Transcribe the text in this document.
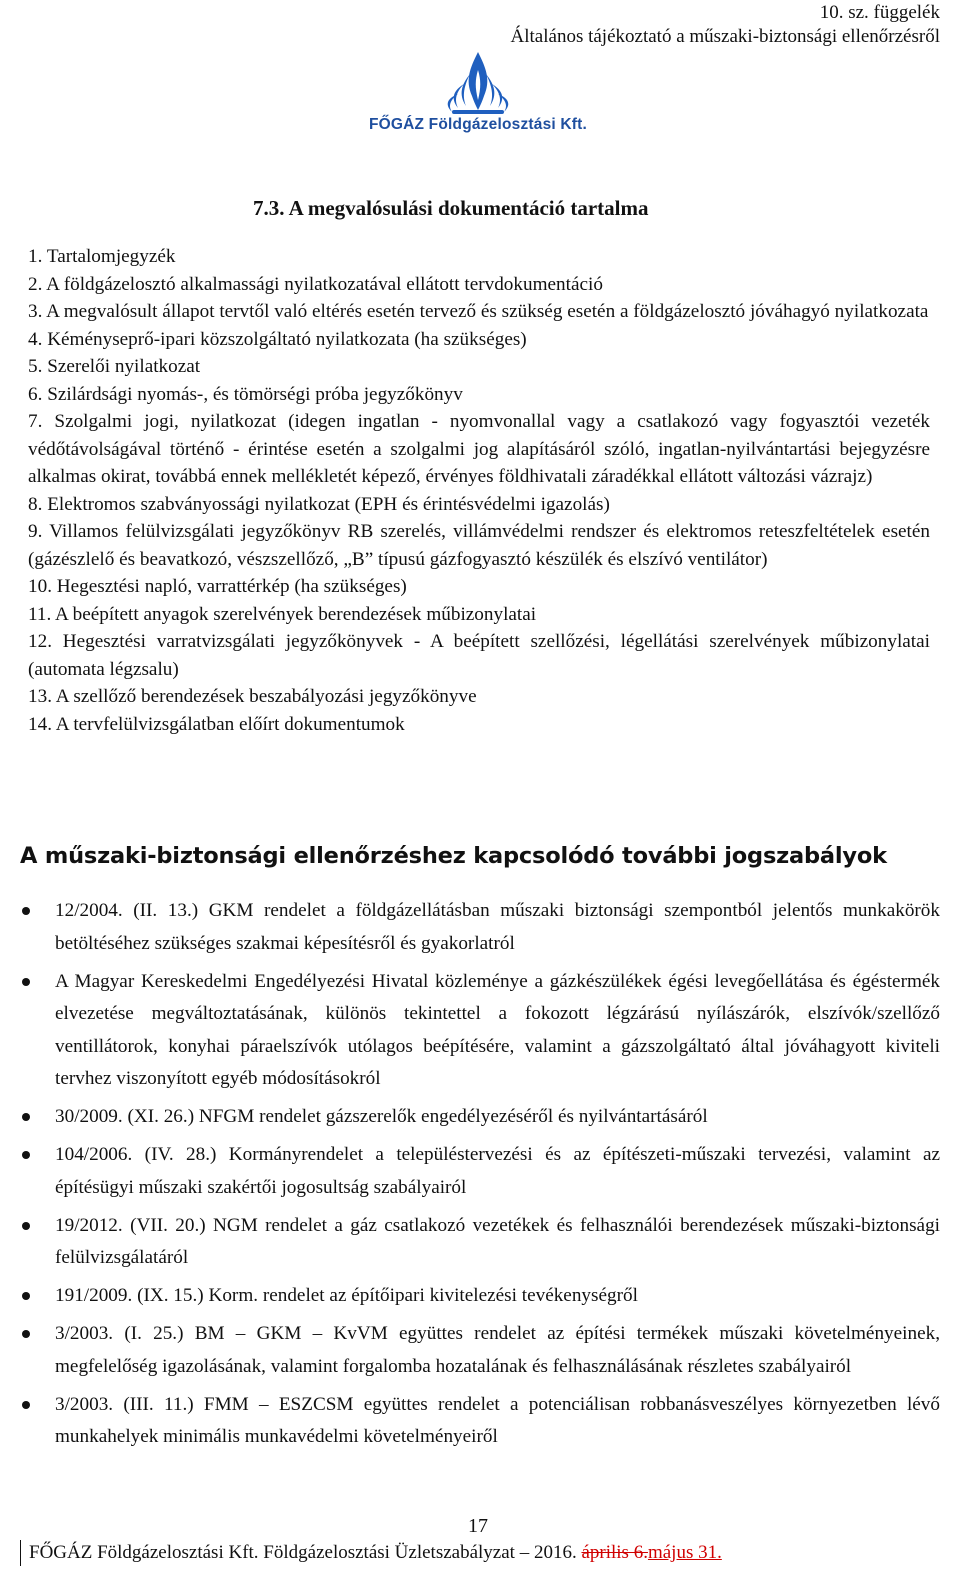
10. sz. függelék
Általános tájékoztató a műszaki-biztonsági ellenőrzésről
FŐGÁZ Földgázelosztási Kft.
7.3. A megvalósulási dokumentáció tartalma
1. Tartalomjegyzék
2. A földgázelosztó alkalmassági nyilatkozatával ellátott tervdokumentáció
3. A megvalósult állapot tervtől való eltérés esetén tervező és szükség esetén a földgázelosztó jóváhagyó nyilatkozata
4. Kéményseprő-ipari közszolgáltató nyilatkozata (ha szükséges)
5. Szerelői nyilatkozat
6. Szilárdsági nyomás-, és tömörségi próba jegyzőkönyv
7. Szolgalmi jogi, nyilatkozat (idegen ingatlan - nyomvonallal vagy a csatlakozó vagy fogyasztói vezeték védőtávolságával történő - érintése esetén a szolgalmi jog alapításáról szóló, ingatlan-nyilvántartási bejegyzésre alkalmas okirat, továbbá ennek mellékletét képező, érvényes földhivatali záradékkal ellátott változási vázrajz)
8. Elektromos szabványossági nyilatkozat (EPH és érintésvédelmi igazolás)
9. Villamos felülvizsgálati jegyzőkönyv RB szerelés, villámvédelmi rendszer és elektromos reteszfeltételek esetén (gázészlelő és beavatkozó, vészszellőző, „B” típusú gázfogyasztó készülék és elszívó ventilátor)
10. Hegesztési napló, varrattérkép (ha szükséges)
11. A beépített anyagok szerelvények berendezések műbizonylatai
12. Hegesztési varratvizsgálati jegyzőkönyvek - A beépített szellőzési, légellátási szerelvények műbizonylatai (automata légzsalu)
13. A szellőző berendezések beszabályozási jegyzőkönyve
14. A tervfelülvizsgálatban előírt dokumentumok
A műszaki-biztonsági ellenőrzéshez kapcsolódó további jogszabályok
12/2004. (II. 13.) GKM rendelet a földgázellátásban műszaki biztonsági szempontból jelentős munkakörök betöltéséhez szükséges szakmai képesítésről és gyakorlatról
A Magyar Kereskedelmi Engedélyezési Hivatal közleménye a gázkészülékek égési levegőellátása és égéstermék elvezetése megváltoztatásának, különös tekintettel a fokozott légzárású nyílászárók, elszívók/szellőző ventillátorok, konyhai páraelszívók utólagos beépítésére, valamint a gázszolgáltató által jóváhagyott kiviteli tervhez viszonyított egyéb módosításokról
30/2009. (XI. 26.) NFGM rendelet gázszerelők engedélyezéséről és nyilvántartásáról
104/2006. (IV. 28.) Kormányrendelet a településtervezési és az építészeti-műszaki tervezési, valamint az építésügyi műszaki szakértői jogosultság szabályairól
19/2012. (VII. 20.) NGM rendelet a gáz csatlakozó vezetékek és felhasználói berendezések műszaki-biztonsági felülvizsgálatáról
191/2009. (IX. 15.) Korm. rendelet az építőipari kivitelezési tevékenységről
3/2003. (I. 25.) BM – GKM – KvVM együttes rendelet az építési termékek műszaki követelményeinek, megfelelőség igazolásának, valamint forgalomba hozatalának és felhasználásának részletes szabályairól
3/2003. (III. 11.) FMM – ESZCSM együttes rendelet a potenciálisan robbanásveszélyes környezetben lévő munkahelyek minimális munkavédelmi követelményeiről
17
FŐGÁZ Földgázelosztási Kft. Földgázelosztási Üzletszabályzat – 2016. április 6.május 31.
